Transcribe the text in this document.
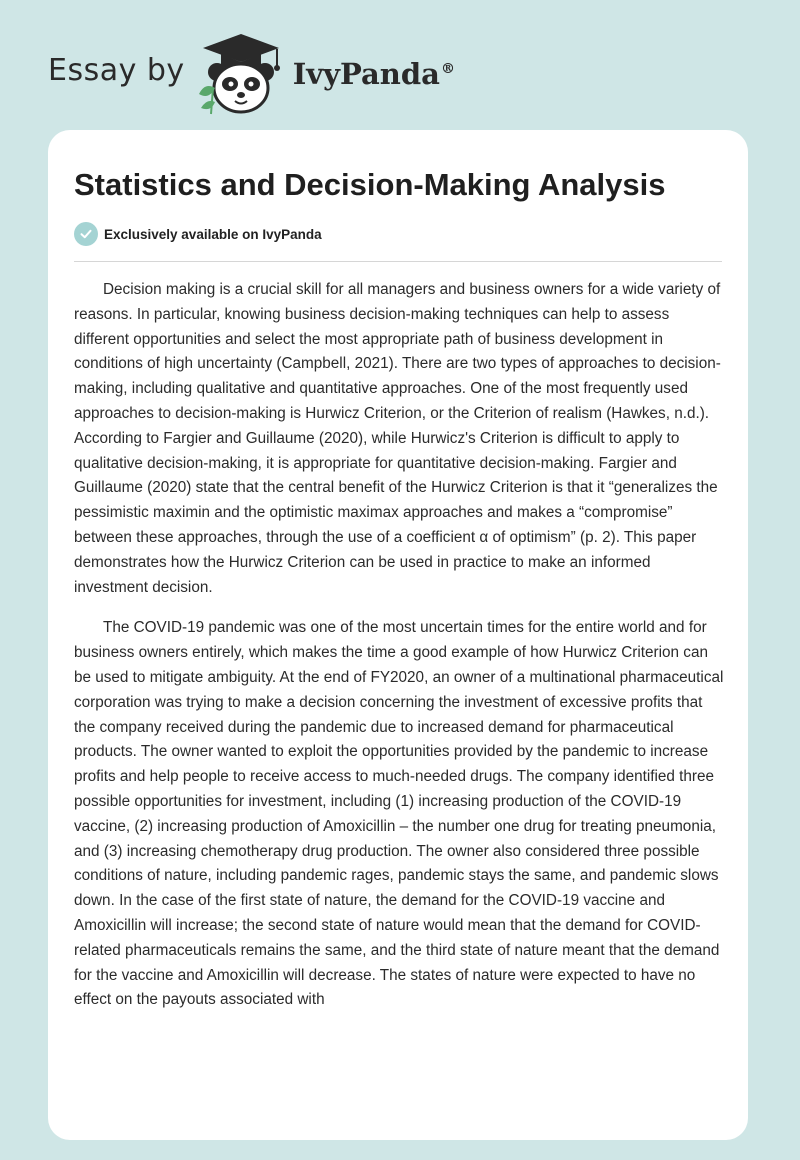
Essay by	IvyPanda®
Statistics and Decision-Making Analysis
Exclusively available on IvyPanda

Decision making is a crucial skill for all managers and business owners for a wide variety of reasons. In particular, knowing business decision-making techniques can help to assess different opportunities and select the most appropriate path of business development in conditions of high uncertainty (Campbell, 2021). There are two types of approaches to decision-making, including qualitative and quantitative approaches. One of the most frequently used approaches to decision-making is Hurwicz Criterion, or the Criterion of realism (Hawkes, n.d.). According to Fargier and Guillaume (2020), while Hurwicz's Criterion is difficult to apply to qualitative decision-making, it is appropriate for quantitative decision-making. Fargier and Guillaume (2020) state that the central benefit of the Hurwicz Criterion is that it “generalizes the pessimistic maximin and the optimistic maximax approaches and makes a “compromise” between these approaches, through the use of a coefficient α of optimism” (p. 2). This paper demonstrates how the Hurwicz Criterion can be used in practice to make an informed investment decision.

The COVID-19 pandemic was one of the most uncertain times for the entire world and for business owners entirely, which makes the time a good example of how Hurwicz Criterion can be used to mitigate ambiguity. At the end of FY2020, an owner of a multinational pharmaceutical corporation was trying to make a decision concerning the investment of excessive profits that the company received during the pandemic due to increased demand for pharmaceutical products. The owner wanted to exploit the opportunities provided by the pandemic to increase profits and help people to receive access to much-needed drugs. The company identified three possible opportunities for investment, including (1) increasing production of the COVID-19 vaccine, (2) increasing production of Amoxicillin – the number one drug for treating pneumonia, and (3) increasing chemotherapy drug production. The owner also considered three possible conditions of nature, including pandemic rages, pandemic stays the same, and pandemic slows down. In the case of the first state of nature, the demand for the COVID-19 vaccine and Amoxicillin will increase; the second state of nature would mean that the demand for COVID-related pharmaceuticals remains the same, and the third state of nature meant that the demand for the vaccine and Amoxicillin will decrease. The states of nature were expected to have no effect on the payouts associated with
